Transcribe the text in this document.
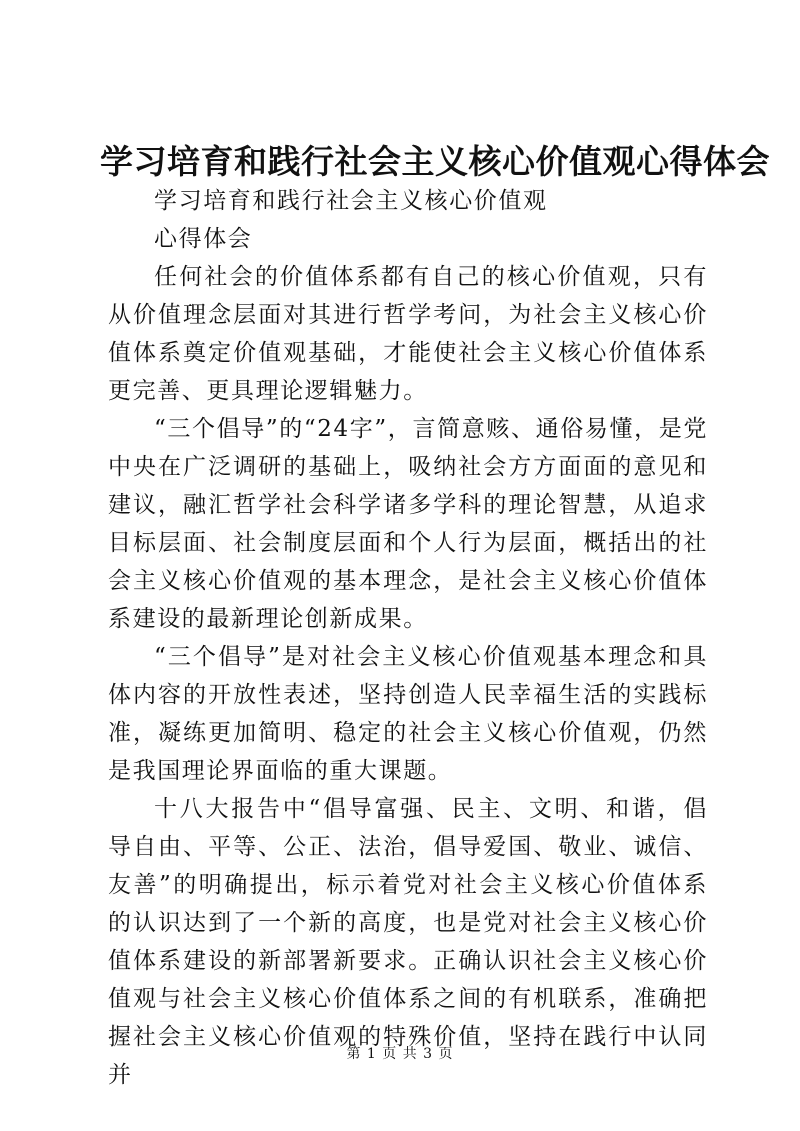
学习培育和践行社会主义核心价值观心得体会

学习培育和践行社会主义核心价值观

心得体会

任何社会的价值体系都有自己的核心价值观，只有从价值理念层面对其进行哲学考问，为社会主义核心价值体系奠定价值观基础，才能使社会主义核心价值体系更完善、更具理论逻辑魅力。

“三个倡导”的“24字”，言简意赅、通俗易懂，是党中央在广泛调研的基础上，吸纳社会方方面面的意见和建议，融汇哲学社会科学诸多学科的理论智慧，从追求目标层面、社会制度层面和个人行为层面，概括出的社会主义核心价值观的基本理念，是社会主义核心价值体系建设的最新理论创新成果。

“三个倡导”是对社会主义核心价值观基本理念和具体内容的开放性表述，坚持创造人民幸福生活的实践标准，凝练更加简明、稳定的社会主义核心价值观，仍然是我国理论界面临的重大课题。

十八大报告中“倡导富强、民主、文明、和谐，倡导自由、平等、公正、法治，倡导爱国、敬业、诚信、友善”的明确提出，标示着党对社会主义核心价值体系的认识达到了一个新的高度，也是党对社会主义核心价值体系建设的新部署新要求。正确认识社会主义核心价值观与社会主义核心价值体系之间的有机联系，准确把握社会主义核心价值观的特殊价值，坚持在践行中认同并

第 1 页 共 3 页
